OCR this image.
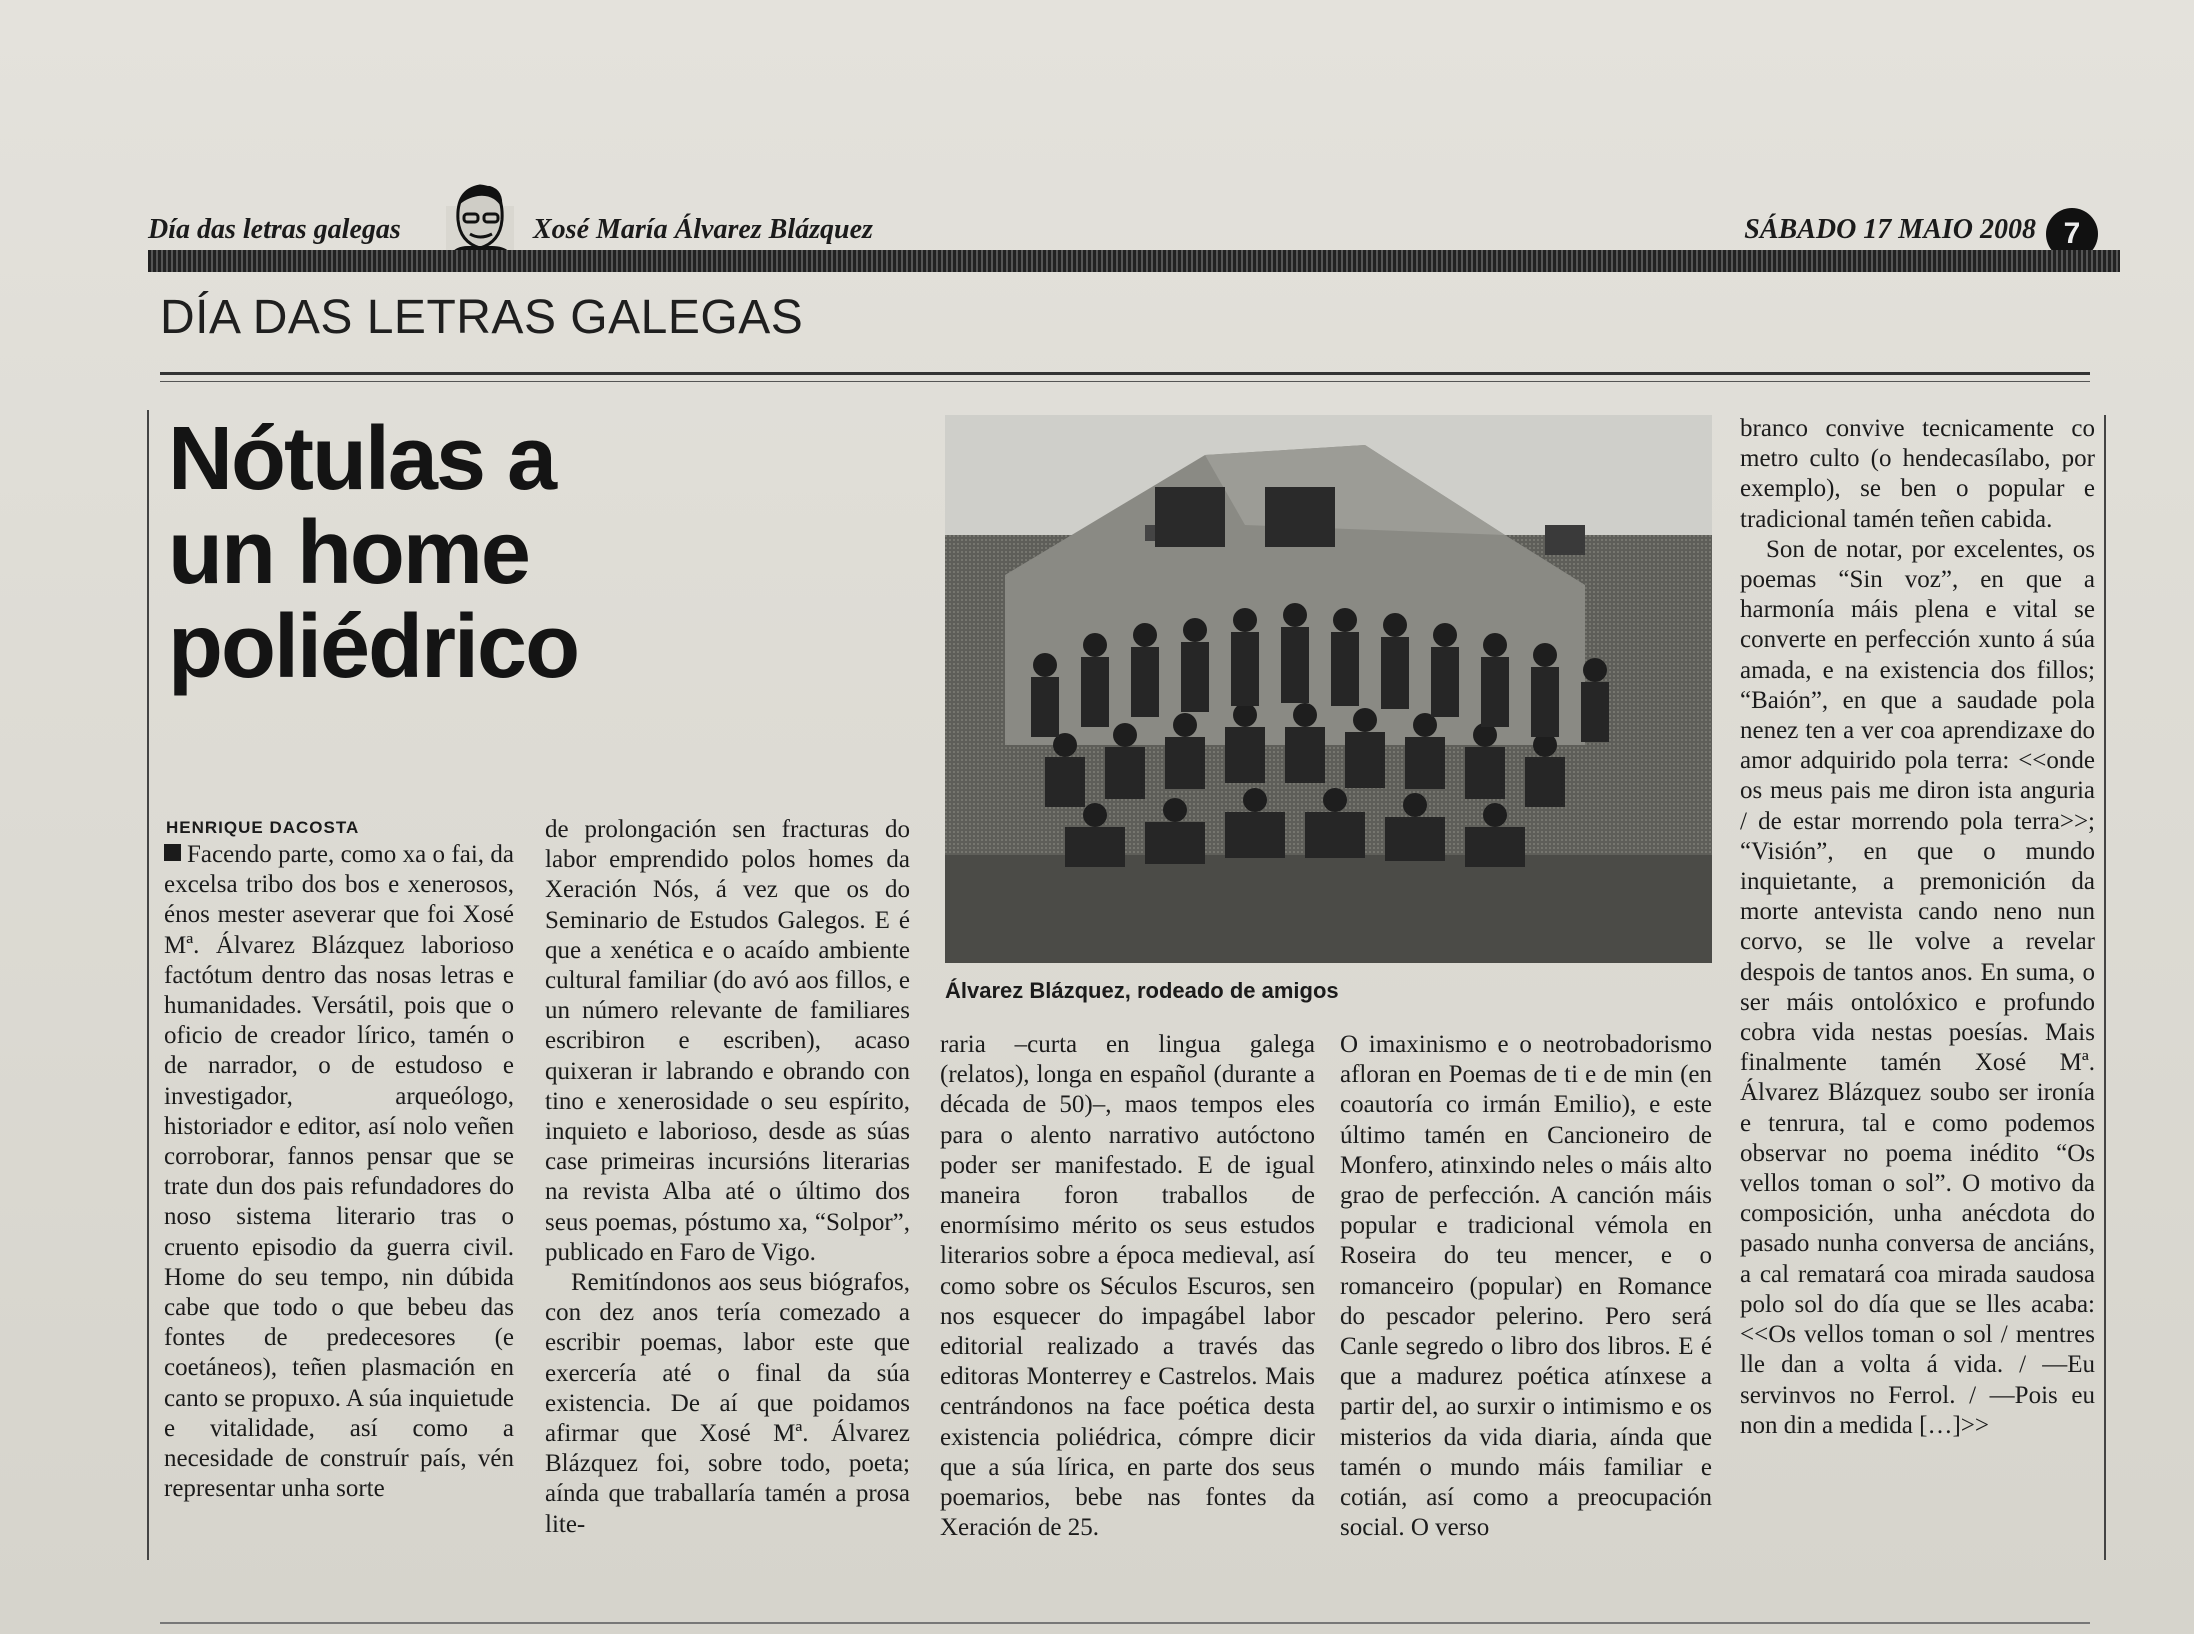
Día das letras galegas	Xosé María Álvarez Blázquez	SÁBADO 17 MAIO 2008 7
DÍA DAS LETRAS GALEGAS
Nótulas a
un home
poliédrico
HENRIQUE DACOSTA

Facendo parte, como xa o fai, da excelsa tribo dos bos e xenerosos, énos mester aseverar que foi Xosé Mª. Álvarez Blázquez laborioso factótum dentro das nosas letras e humanidades. Versátil, pois que o oficio de creador lírico, tamén o de narrador, o de estudoso e investigador, arqueólogo, historiador e editor, así nolo veñen corroborar, fannos pensar que se trate dun dos pais refundadores do noso sistema literario tras o cruento episodio da guerra civil. Home do seu tempo, nin dúbida cabe que todo o que bebeu das fontes de predecesores (e coetáneos), teñen plasmación en canto se propuxo. A súa inquietude e vitalidade, así como a necesidade de construír país, vén representar unha sorte

de prolongación sen fracturas do labor emprendido polos homes da Xeración Nós, á vez que os do Seminario de Estudos Galegos. E é que a xenética e o acaído ambiente cultural familiar (do avó aos fillos, e un número relevante de familiares escribiron e escriben), acaso quixeran ir labrando e obrando con tino e xenerosidade o seu espírito, inquieto e laborioso, desde as súas case primeiras incursións literarias na revista Alba até o último dos seus poemas, póstumo xa, “Solpor”, publicado en Faro de Vigo.

Remitíndonos aos seus biógrafos, con dez anos tería comezado a escribir poemas, labor este que exercería até o final da súa existencia. De aí que poidamos afirmar que Xosé Mª. Álvarez Blázquez foi, sobre todo, poeta; aínda que traballaría tamén a prosa lite-

Álvarez Blázquez, rodeado de amigos

raria –curta en lingua galega (relatos), longa en español (durante a década de 50)–, maos tempos eles para o alento narrativo autóctono poder ser manifestado. E de igual maneira foron traballos de enormísimo mérito os seus estudos literarios sobre a época medieval, así como sobre os Séculos Escuros, sen nos esquecer do impagábel labor editorial realizado a través das editoras Monterrey e Castrelos. Mais centrándonos na face poética desta existencia poliédrica, cómpre dicir que a súa lírica, en parte dos seus poemarios, bebe nas fontes da Xeración de 25.

O imaxinismo e o neotrobadorismo afloran en Poemas de ti e de min (en coautoría co irmán Emilio), e este último tamén en Cancioneiro de Monfero, atinxindo neles o máis alto grao de perfección. A canción máis popular e tradicional vémola en Roseira do teu mencer, e o romanceiro (popular) en Romance do pescador pelerino. Pero será Canle segredo o libro dos libros. E é que a madurez poética atínxese a partir del, ao surxir o intimismo e os misterios da vida diaria, aínda que tamén o mundo máis familiar e cotián, así como a preocupación social. O verso

branco convive tecnicamente co metro culto (o hendecasílabo, por exemplo), se ben o popular e tradicional tamén teñen cabida.

Son de notar, por excelentes, os poemas “Sin voz”, en que a harmonía máis plena e vital se converte en perfección xunto á súa amada, e na existencia dos fillos; “Baión”, en que a saudade pola nenez ten a ver coa aprendizaxe do amor adquirido pola terra: <<onde os meus pais me diron ista anguria / de estar morrendo pola terra>>; “Visión”, en que o mundo inquietante, a premonición da morte antevista cando neno nun corvo, se lle volve a revelar despois de tantos anos. En suma, o ser máis ontolóxico e profundo cobra vida nestas poesías. Mais finalmente tamén Xosé Mª. Álvarez Blázquez soubo ser ironía e tenrura, tal e como podemos observar no poema inédito “Os vellos toman o sol”. O motivo da composición, unha anécdota do pasado nunha conversa de anciáns, a cal rematará coa mirada saudosa polo sol do día que se lles acaba: <<Os vellos toman o sol / mentres lle dan a volta á vida. / —Eu servinvos no Ferrol. / —Pois eu non din a medida […]>>
